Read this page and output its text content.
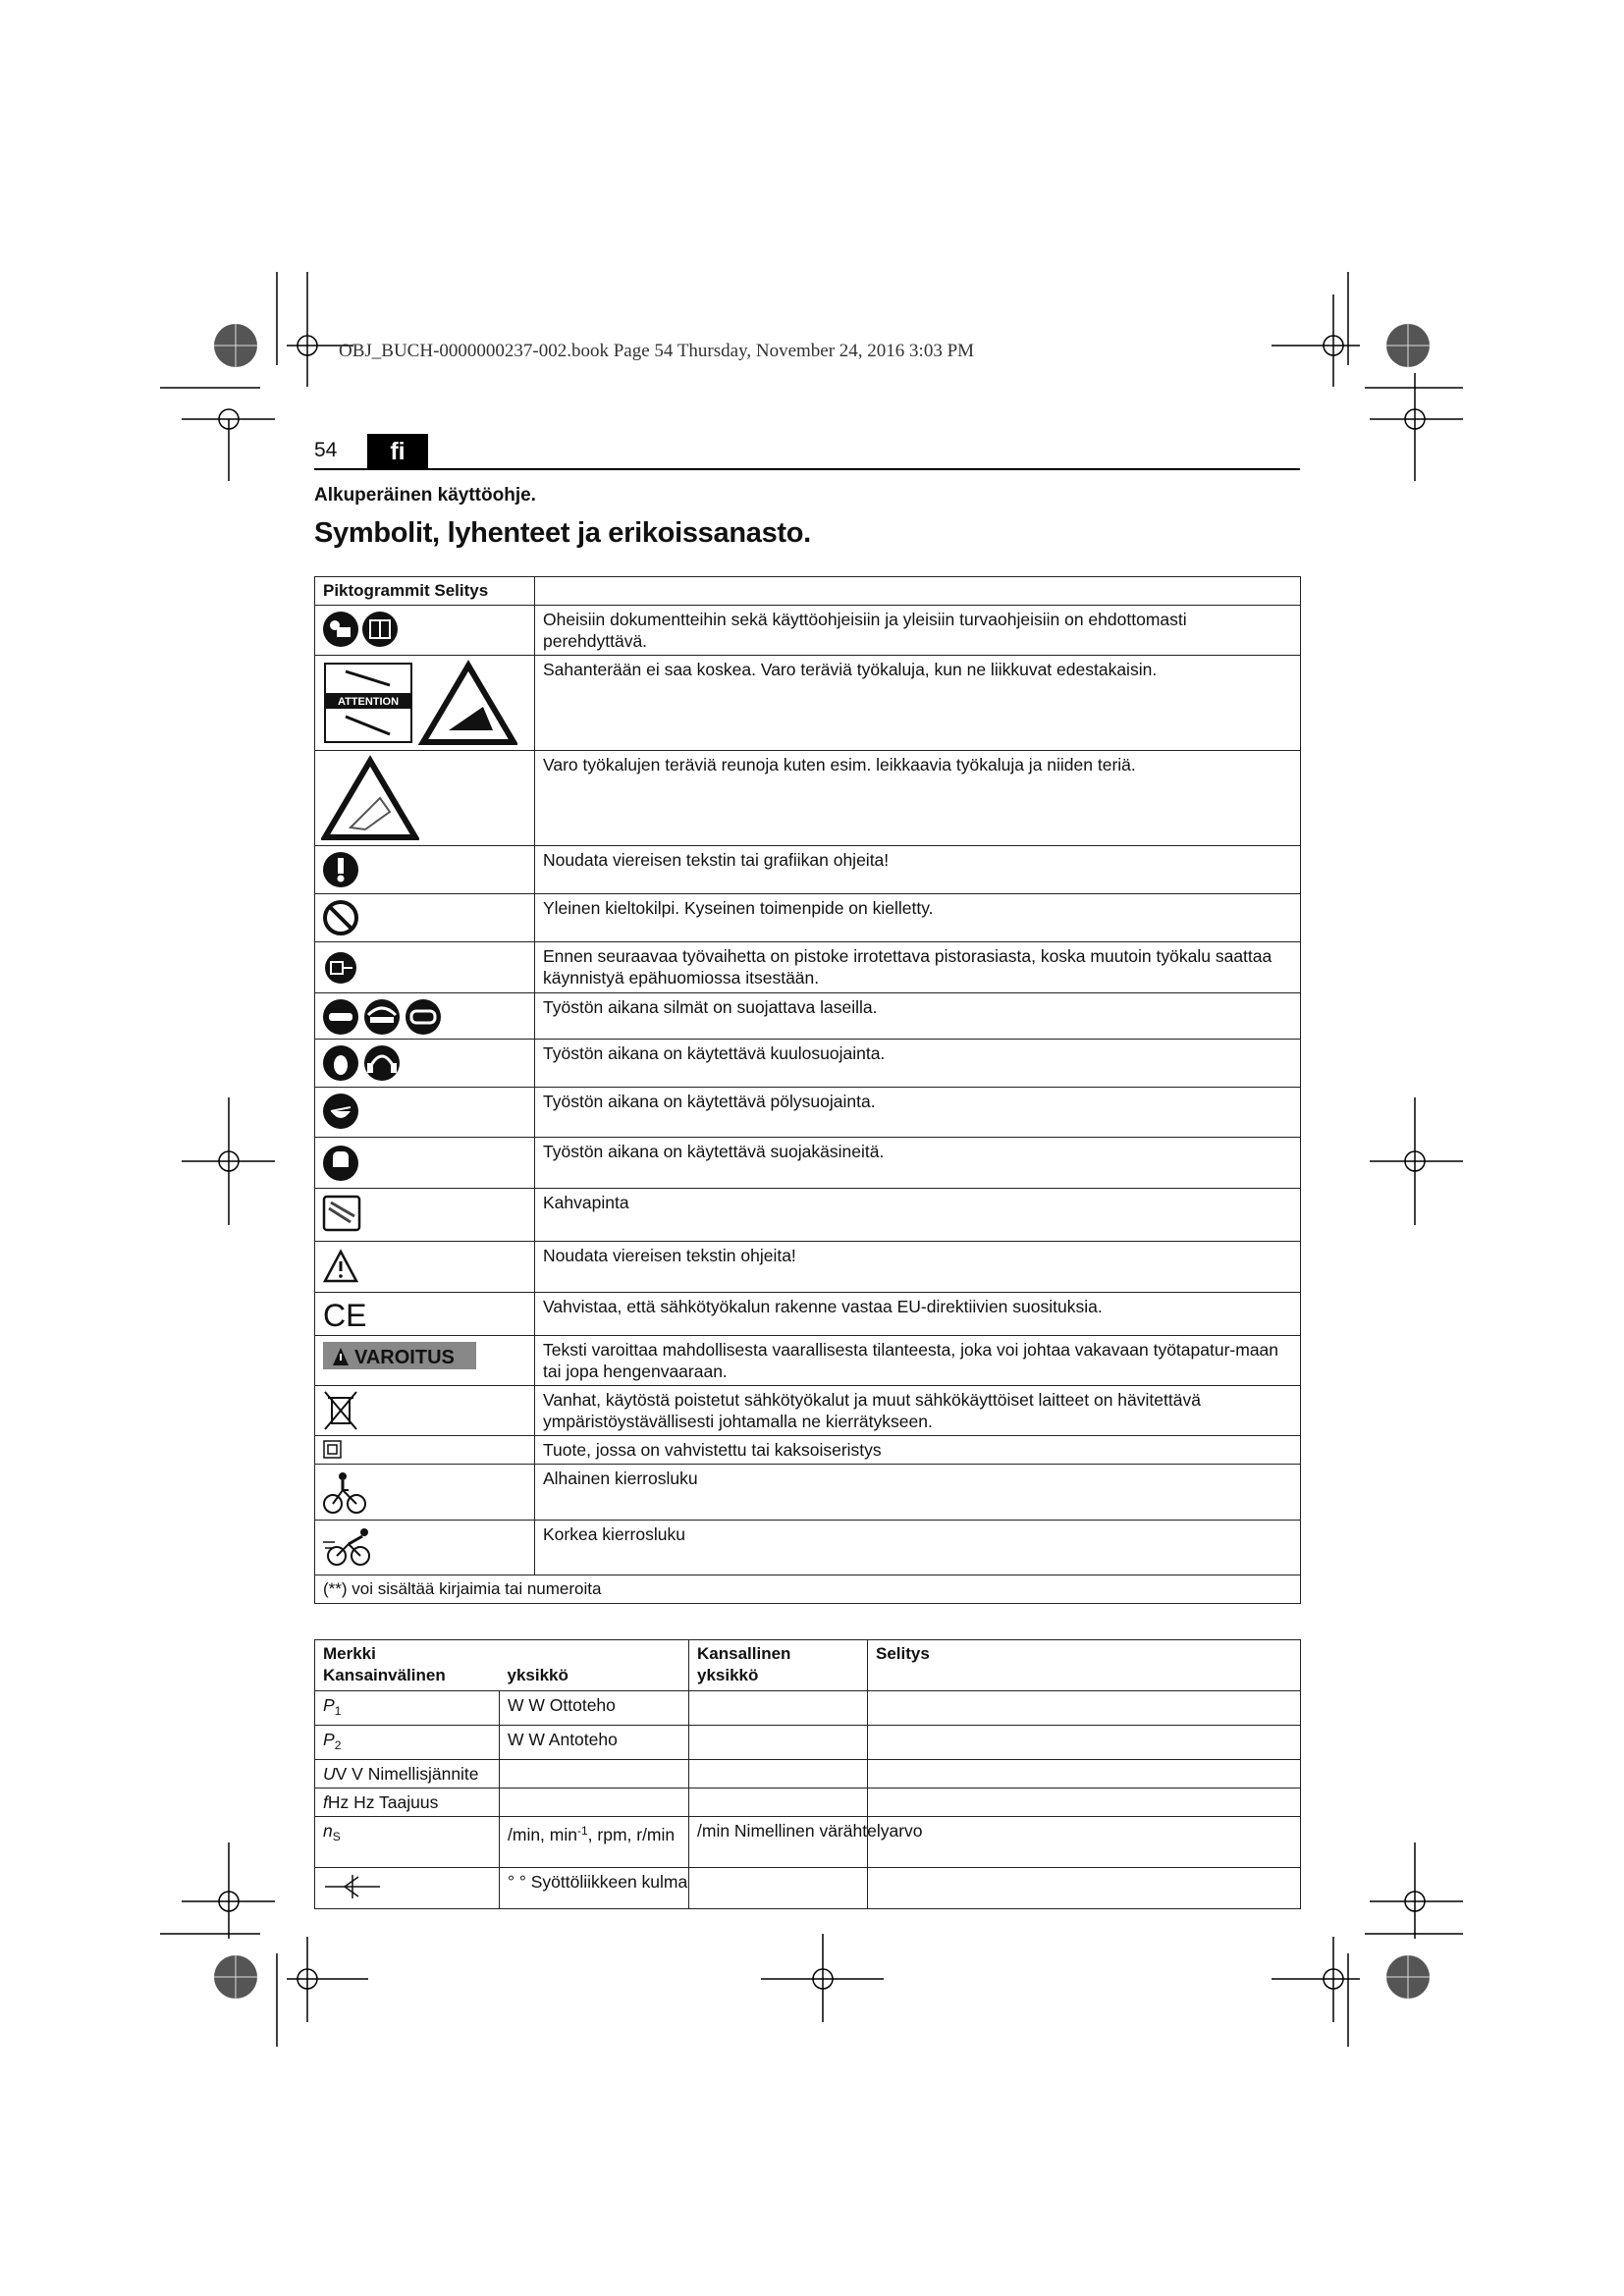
OBJ_BUCH-0000000237-002.book Page 54 Thursday, November 24, 2016 3:03 PM
54	fi
Alkuperäinen käyttöohje.
Symbolit, lyhenteet ja erikoissanasto.
Piktogrammit Selitys	

	Oheisiin dokumentteihin sekä käyttöohjeisiin ja yleisiin turvaohjeisiin on ehdottomasti perehdyttävä.

ATTENTION	Sahanterään ei saa koskea. Varo teräviä työkaluja, kun ne liikkuvat edestakaisin.

	Varo työkalujen teräviä reunoja kuten esim. leikkaavia työkaluja ja niiden teriä.

	Noudata viereisen tekstin tai grafiikan ohjeita!

	Yleinen kieltokilpi. Kyseinen toimenpide on kielletty.

	Ennen seuraavaa työvaihetta on pistoke irrotettava pistorasiasta, koska muutoin työkalu saattaa käynnistyä epähuomiossa itsestään.

	Työstön aikana silmät on suojattava laseilla.

	Työstön aikana on käytettävä kuulosuojainta.

	Työstön aikana on käytettävä pölysuojainta.

	Työstön aikana on käytettävä suojakäsineitä.

	Kahvapinta

	Noudata viereisen tekstin ohjeita!

CE	Vahvistaa, että sähkötyökalun rakenne vastaa EU-direktiivien suosituksia.

VAROITUS	Teksti varoittaa mahdollisesta vaarallisesta tilanteesta, joka voi johtaa vakavaan työtapatur-maan tai jopa hengenvaaraan.

	Vanhat, käytöstä poistetut sähkötyökalut ja muut sähkökäyttöiset laitteet on hävitettävä ympäristöystävällisesti johtamalla ne kierrätykseen.

	Tuote, jossa on vahvistettu tai kaksoiseristys

	Alhainen kierrosluku

	Korkea kierrosluku
(**) voi sisältää kirjaimia tai numeroita	
Merkki Kansainvälinen	yksikkö	Kansallinen
yksikkö	Selitys
$P_1$	W W Ottoteho		
$P_2$	W W Antoteho		
UV V Nimellisjännite			
fHz Hz Taajuus			
$n_S$	/min, $\min^{-1}$, rpm, r/min	/min Nimellinen värähtelyarvo	
	° ° Syöttöliikkeen kulma		
